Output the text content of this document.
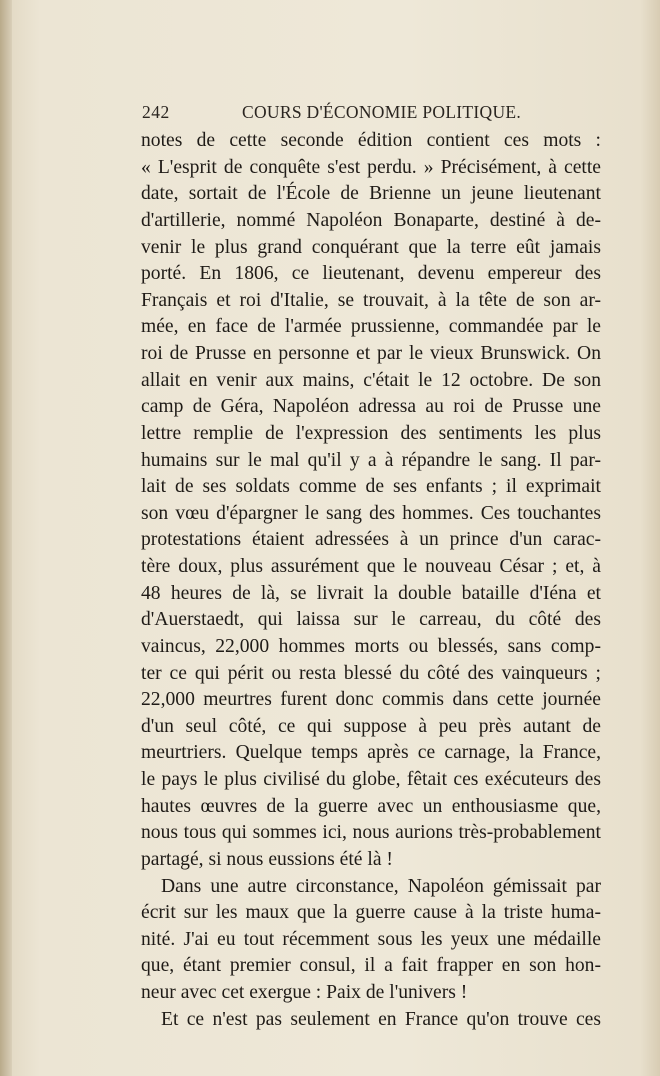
242	COURS D'ÉCONOMIE POLITIQUE.
notes de cette seconde édition contient ces mots :
« L'esprit de conquête s'est perdu. » Précisément, à cette
date, sortait de l'École de Brienne un jeune lieutenant
d'artillerie, nommé Napoléon Bonaparte, destiné à de-
venir le plus grand conquérant que la terre eût jamais
porté. En 1806, ce lieutenant, devenu empereur des
Français et roi d'Italie, se trouvait, à la tête de son ar-
mée, en face de l'armée prussienne, commandée par le
roi de Prusse en personne et par le vieux Brunswick. On
allait en venir aux mains, c'était le 12 octobre. De son
camp de Géra, Napoléon adressa au roi de Prusse une
lettre remplie de l'expression des sentiments les plus
humains sur le mal qu'il y a à répandre le sang. Il par-
lait de ses soldats comme de ses enfants ; il exprimait
son vœu d'épargner le sang des hommes. Ces touchantes
protestations étaient adressées à un prince d'un carac-
tère doux, plus assurément que le nouveau César ; et, à
48 heures de là, se livrait la double bataille d'Iéna et
d'Auerstaedt, qui laissa sur le carreau, du côté des
vaincus, 22,000 hommes morts ou blessés, sans comp-
ter ce qui périt ou resta blessé du côté des vainqueurs ;
22,000 meurtres furent donc commis dans cette journée
d'un seul côté, ce qui suppose à peu près autant de
meurtriers. Quelque temps après ce carnage, la France,
le pays le plus civilisé du globe, fêtait ces exécuteurs des
hautes œuvres de la guerre avec un enthousiasme que,
nous tous qui sommes ici, nous aurions très-probablement
partagé, si nous eussions été là !
Dans une autre circonstance, Napoléon gémissait par
écrit sur les maux que la guerre cause à la triste huma-
nité. J'ai eu tout récemment sous les yeux une médaille
que, étant premier consul, il a fait frapper en son hon-
neur avec cet exergue : Paix de l'univers !
Et ce n'est pas seulement en France qu'on trouve ces
